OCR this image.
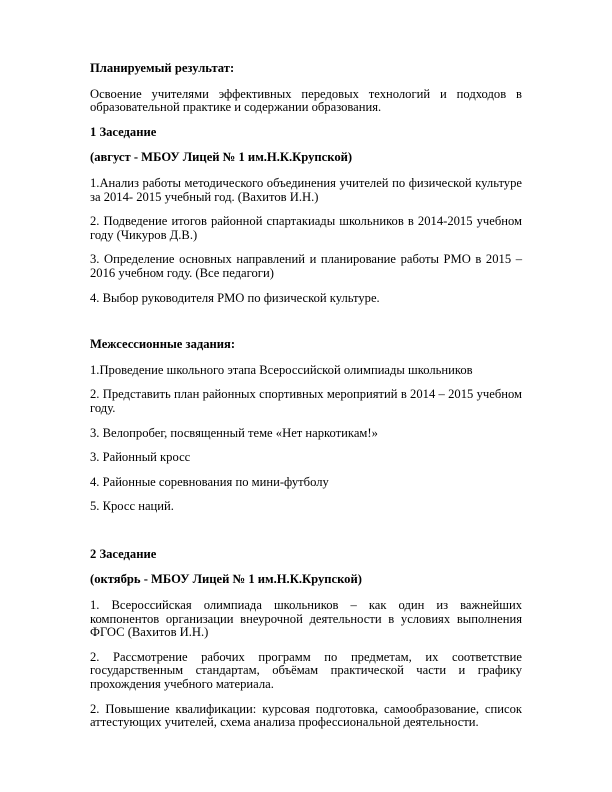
Планируемый результат:

Освоение учителями эффективных передовых технологий и подходов в образовательной практике и содержании образования.

1 Заседание
(август - МБОУ Лицей № 1 им.Н.К.Крупской)

1.Анализ работы методического объединения учителей по физической культуре за 2014- 2015 учебный год. (Вахитов И.Н.)

2. Подведение итогов районной спартакиады школьников в 2014-2015 учебном году (Чикуров Д.В.)

3. Определение основных направлений и планирование работы РМО в 2015 – 2016 учебном году. (Все педагоги)

4. Выбор руководителя РМО по физической культуре.

Межсессионные задания:

1.Проведение школьного этапа Всероссийской олимпиады школьников

2. Представить план районных спортивных мероприятий в 2014 – 2015 учебном году.

3. Велопробег, посвященный теме «Нет наркотикам!»

3. Районный кросс

4. Районные соревнования по мини-футболу

5. Кросс наций.

2 Заседание
(октябрь - МБОУ Лицей № 1 им.Н.К.Крупской)

1. Всероссийская олимпиада школьников – как один из важнейших компонентов организации внеурочной деятельности в условиях выполнения ФГОС (Вахитов И.Н.)

2. Рассмотрение рабочих программ по предметам, их соответствие государственным стандартам, объёмам практической части и графику прохождения учебного материала.

2. Повышение квалификации: курсовая подготовка, самообразование, список аттестующих учителей, схема анализа профессиональной деятельности.
